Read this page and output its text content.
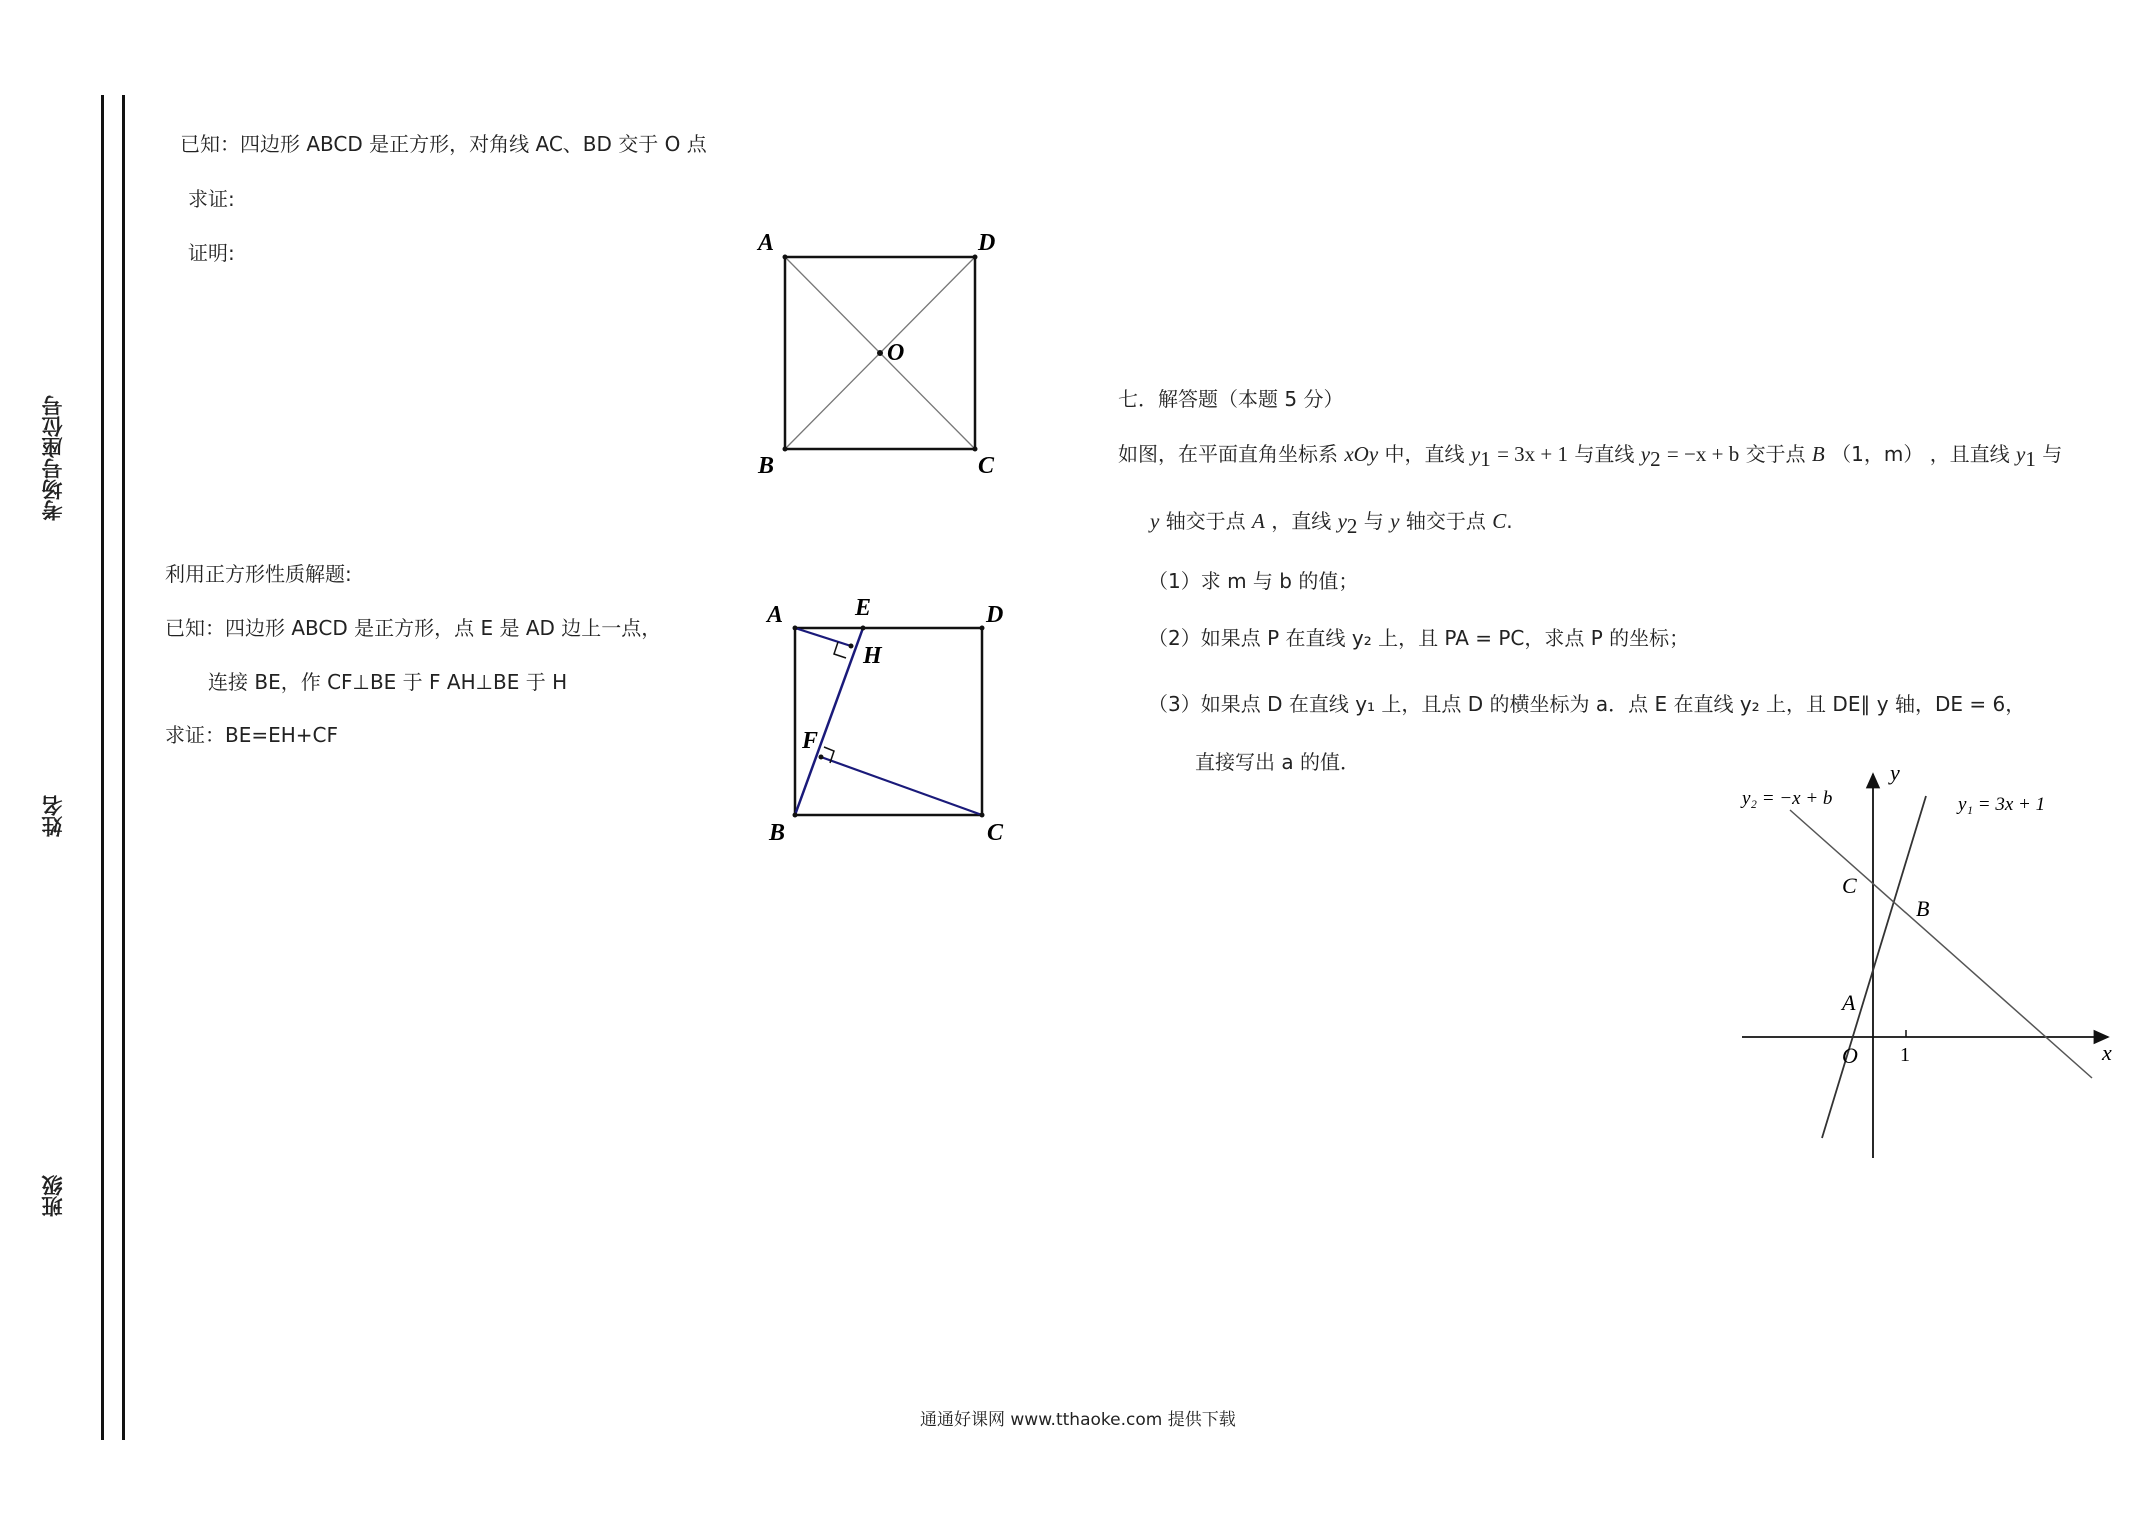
考场号座位号
姓名
班级
已知：四边形 ABCD 是正方形，对角线 AC、BD 交于 O 点
求证:
证明:	A	D
B	C
O
利用正方形性质解题:
已知：四边形 ABCD 是正方形，点 E 是 AD 边上一点，
连接 BE，作 CF⊥BE 于 F AH⊥BE 于 H
求证：BE=EH+CF
A	E	D
H
F
B	C
七．解答题（本题 5 分）
如图，在平面直角坐标系 xOy 中，直线 $y_1 = 3x + 1$ 与直线 $y_2 = -x + b$ 交于点 B （1，m） ，且直线 $y_1$ 与
y 轴交于点 A ，直线 $y_2$ 与 y 轴交于点 C.
（1）求 m 与 b 的值；
（2）如果点 P 在直线 y₂ 上，且 PA = PC，求点 P 的坐标；
（3）如果点 D 在直线 y₁ 上，且点 D 的横坐标为 a．点 E 在直线 y₂ 上，且 DE∥ y 轴，DE = 6，
直接写出 a 的值．
y₂ = −x + b	y₁ = 3x + 1
y
x
O 1
A
B
C
通通好课网 www.tthaoke.com 提供下载
